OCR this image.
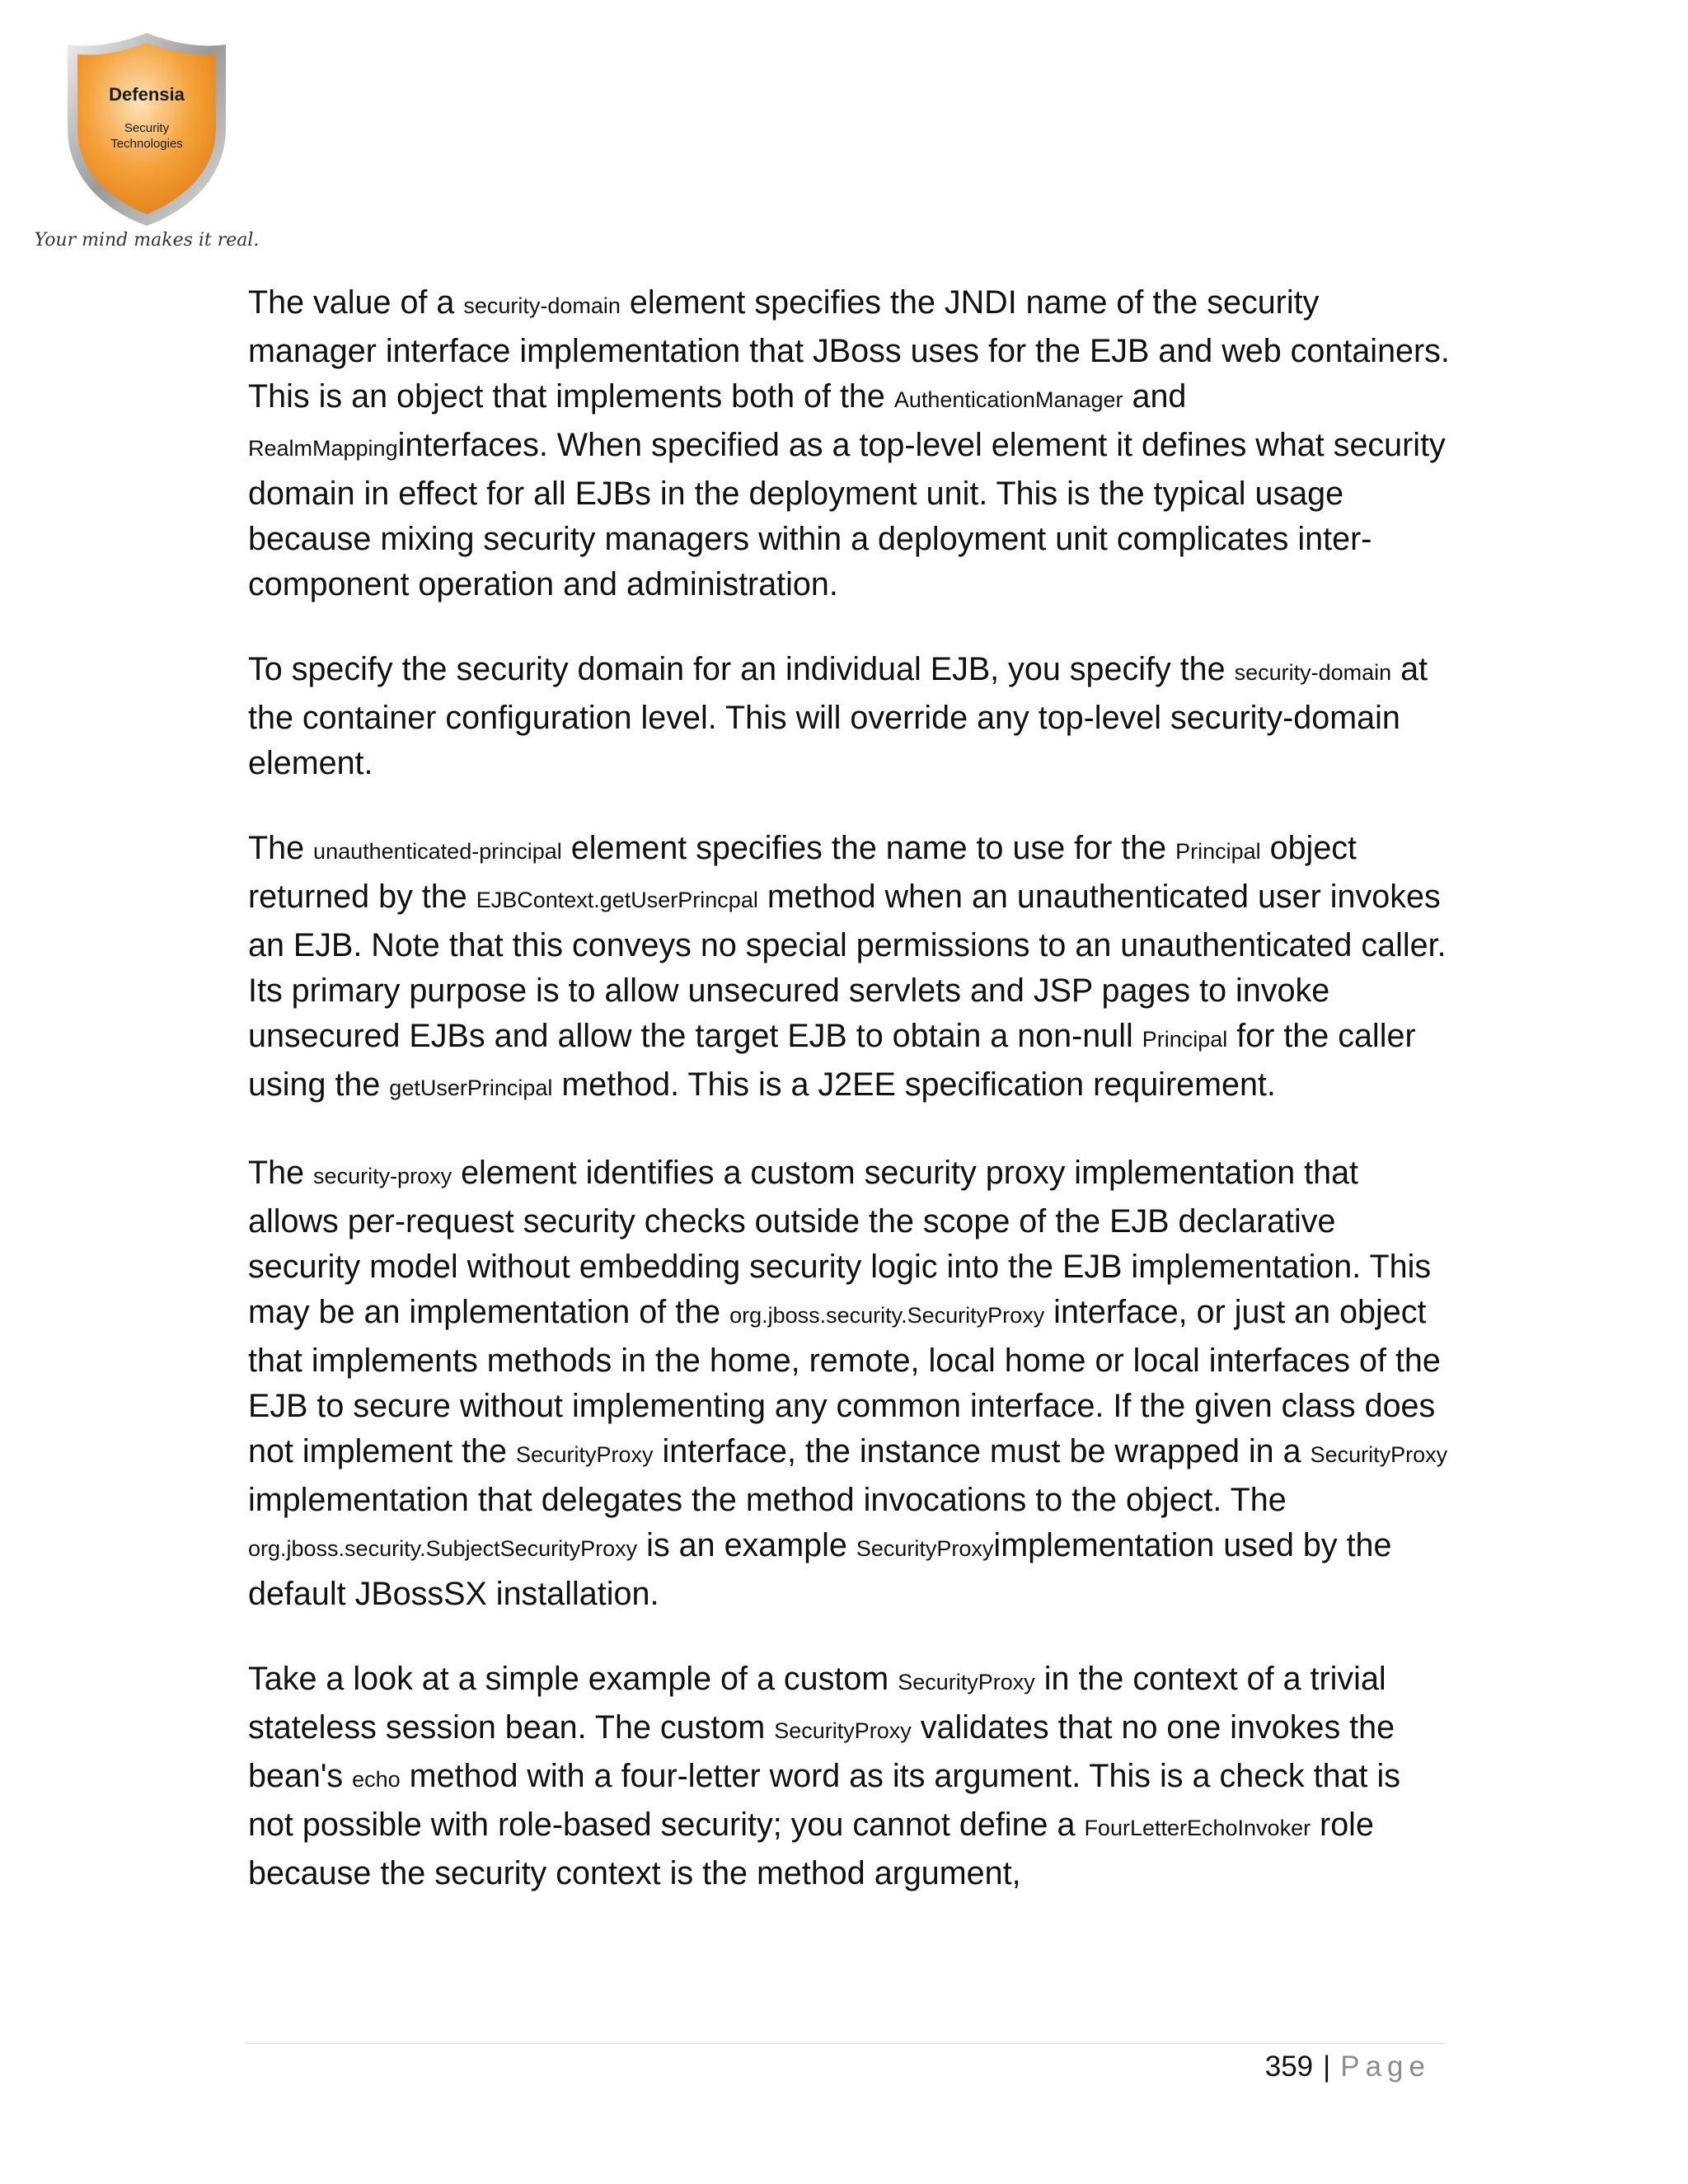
Defensia
Security
Technologies
Your mind makes it real.

The value of a security-domain element specifies the JNDI name of the security manager interface implementation that JBoss uses for the EJB and web containers. This is an object that implements both of the AuthenticationManager and RealmMappinginterfaces. When specified as a top-level element it defines what security domain in effect for all EJBs in the deployment unit. This is the typical usage because mixing security managers within a deployment unit complicates inter-component operation and administration.

To specify the security domain for an individual EJB, you specify the security-domain at the container configuration level. This will override any top-level security-domain element.

The unauthenticated-principal element specifies the name to use for the Principal object returned by the EJBContext.getUserPrincpal method when an unauthenticated user invokes an EJB. Note that this conveys no special permissions to an unauthenticated caller. Its primary purpose is to allow unsecured servlets and JSP pages to invoke unsecured EJBs and allow the target EJB to obtain a non-null Principal for the caller using the getUserPrincipal method. This is a J2EE specification requirement.

The security-proxy element identifies a custom security proxy implementation that allows per-request security checks outside the scope of the EJB declarative security model without embedding security logic into the EJB implementation. This may be an implementation of the org.jboss.security.SecurityProxy interface, or just an object that implements methods in the home, remote, local home or local interfaces of the EJB to secure without implementing any common interface. If the given class does not implement the SecurityProxy interface, the instance must be wrapped in a SecurityProxy implementation that delegates the method invocations to the object. The org.jboss.security.SubjectSecurityProxy is an example SecurityProxyimplementation used by the default JBossSX installation.

Take a look at a simple example of a custom SecurityProxy in the context of a trivial stateless session bean. The custom SecurityProxy validates that no one invokes the bean's echo method with a four-letter word as its argument. This is a check that is not possible with role-based security; you cannot define a FourLetterEchoInvoker role because the security context is the method argument,

359 | Page
